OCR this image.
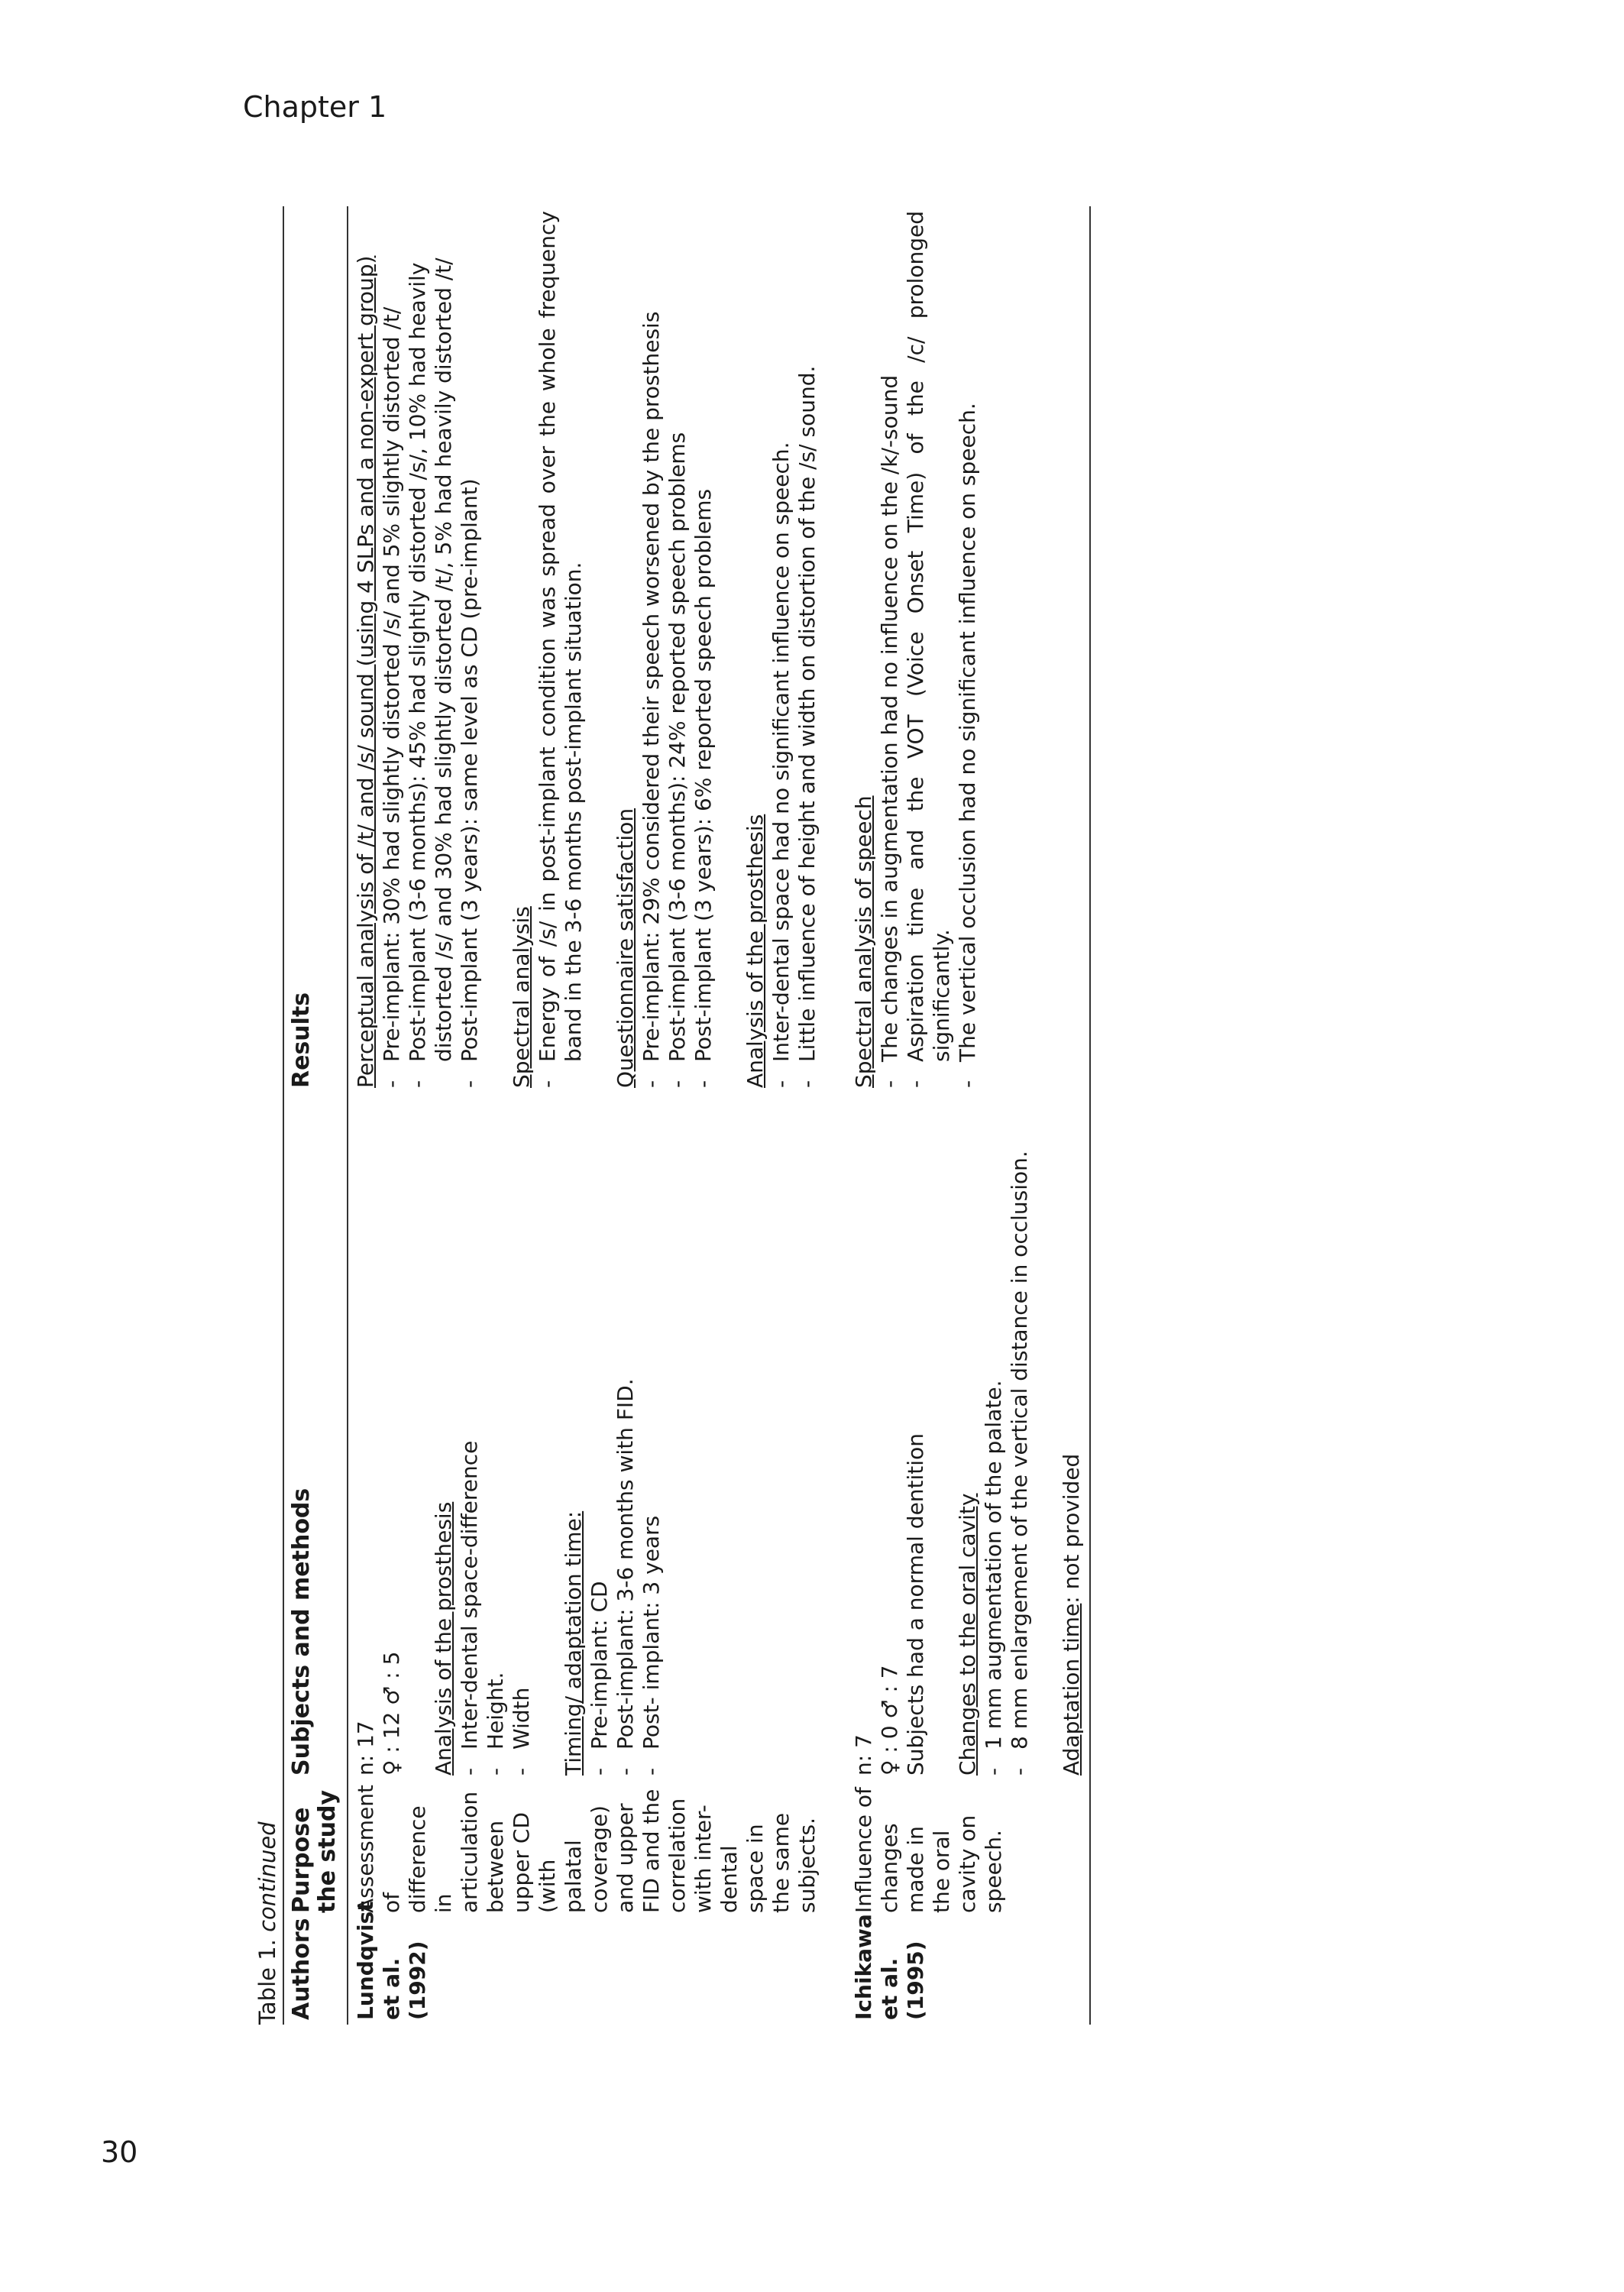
Chapter 1
30
Table 1. continued
Authors
Purpose the study
Subjects and methods
Results
Lundqvist et al. (1992)
Assessment of difference in articulation between upper CD (with palatal coverage) and upper FID and the correlation with inter-dental space in the same subjects.
n: 17 ♀ : 12 ♂ : 5 Analysis of the prosthesis -
Inter-dental space-difference
-
Height.
-
Width Timing/ adaptation time: -
Pre-implant: CD
-
Post-implant: 3-6 months with FID.
-
Post- implant: 3 years
Perceptual analysis of /t/ and /s/ sound (using 4 SLPs and a non-expert group) -
Pre-implant: 30% had slightly distorted /s/ and 5% slightly distorted /t/
-
Post-implant (3-6 months): 45% had slightly distorted /s/, 10% had heavily distorted /s/ and 30% had slightly distorted /t/, 5% had heavily distorted /t/
-
Post-implant (3 years): same level as CD (pre-implant) Spectral analysis -
Energy of /s/ in post-implant condition was spread over the whole frequency band in the 3-6 months post-implant situation. Questionnaire satisfaction -
Pre-implant: 29% considered their speech worsened by the prosthesis
-
Post-implant (3-6 months): 24% reported speech problems
-
Post-implant (3 years): 6% reported speech problems Analysis of the prosthesis -
Inter-dental space had no significant influence on speech.
-
Little influence of height and width on distortion of the /s/ sound.
Ichikawa et al. (1995)
Influence of changes made in the oral cavity on speech.
n: 7 ♀ : 0 ♂ : 7 Subjects had a normal dentition Changes to the oral cavity -
1 mm augmentation of the palate.
-
8 mm enlargement of the vertical distance in occlusion. Adaptation time: not provided
Spectral analysis of speech -
The changes in augmentation had no influence on the /k/-sound
-
Aspiration time and the VOT (Voice Onset Time) of the /c/ prolonged significantly.
-
The vertical occlusion had no significant influence on speech.
